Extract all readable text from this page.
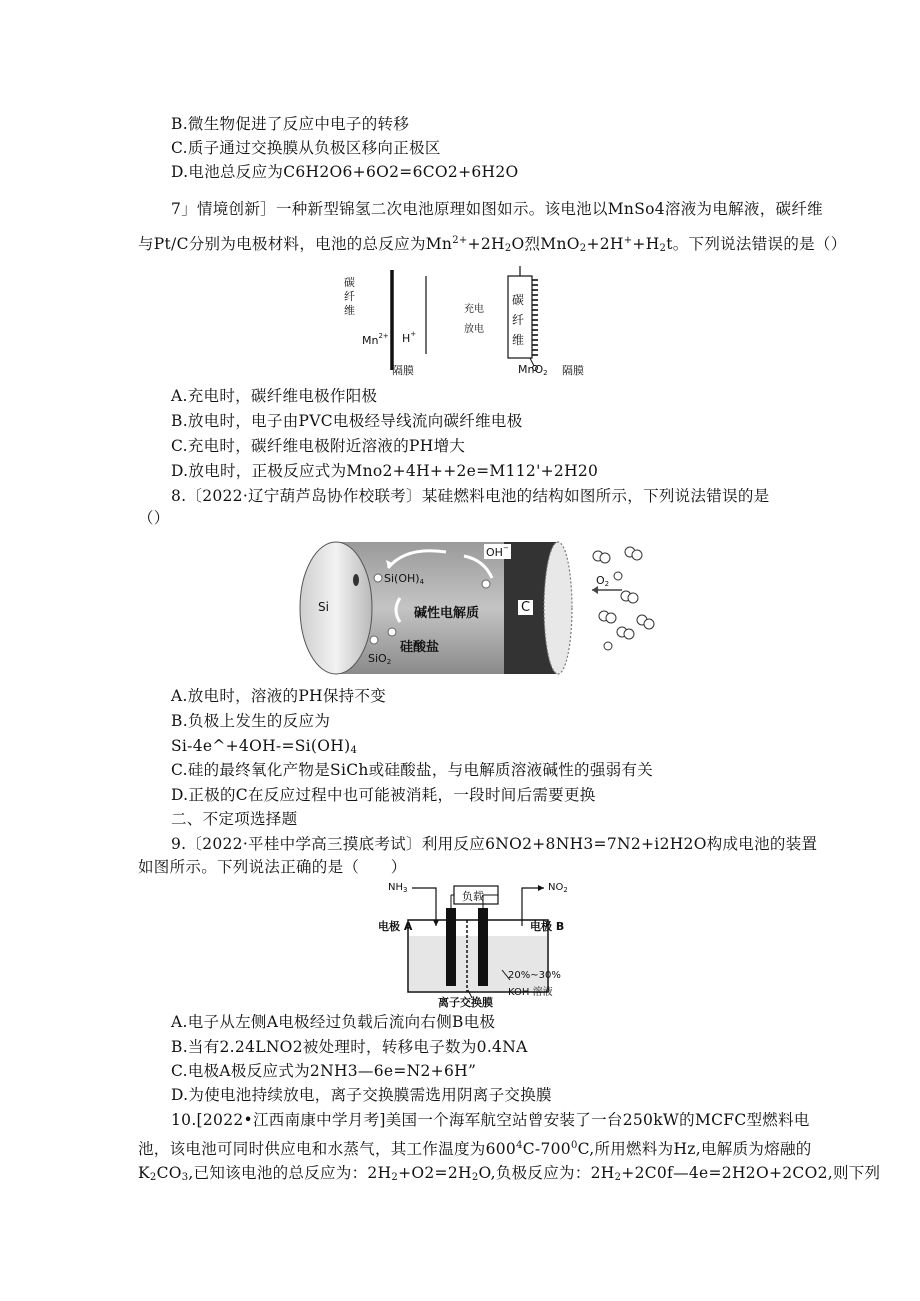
B.微生物促进了反应中电子的转移
C.质子通过交换膜从负极区移向正极区
D.电池总反应为C6H2O6+6O2=6CO2+6H2O
7」情境创新］一种新型锦氢二次电池原理如图如示。该电池以MnSo4溶液为电解液，碳纤维
与Pt/C分别为电极材料，电池的总反应为$Mn^{2+}+2H_2O$烈$MnO_2+2H^++H_2t$。下列说法错误的是（）
碳纤维
$Mn^{2+}$ H+
隔膜
充电
放电
碳纤维
MnO$_2$ 隔膜
A.充电时，碳纤维电极作阳极
B.放电时，电子由PVC电极经导线流向碳纤维电极
C.充电时，碳纤维电极附近溶液的PH增大
D.放电时，正极反应式为Mno2+4H++2e=M112'+2H20
8.〔2022·辽宁葫芦岛协作校联考〕某硅燃料电池的结构如图所示，下列说法错误的是
（）
Si
$Si(OH)_4$
OH−
碱性电解质
硅酸盐
SiO$_2$
C
$O_2$
A.放电时，溶液的PH保持不变
B.负极上发生的反应为
$Si-4e\^{}+4OH-=Si(OH)_4$
C.硅的最终氧化产物是SiCh或硅酸盐，与电解质溶液碱性的强弱有关
D.正极的C在反应过程中也可能被消耗，一段时间后需要更换
二、不定项选择题
9.〔2022·平桂中学高三摸底考试〕利用反应6NO2+8NH3=7N2+i2H2O构成电池的装置
如图所示。下列说法正确的是（　　）
$NH_3$	负载
$NO_2$
电极 A	电极 B
20%~30%
KOH 溶液
离子交换膜
A.电子从左侧A电极经过负载后流向右侧B电极
B.当有2.24LNO2被处理时，转移电子数为0.4NA
C.电极A极反应式为2NH3—6e=N2+6H”
D.为使电池持续放电，离子交换膜需选用阴离子交换膜
10.[2022•江西南康中学月考]美国一个海军航空站曾安装了一台250kW的MCFC型燃料电
池，该电池可同时供应电和水蒸气，其工作温度为$600^4C-700^0C$,所用燃料为Hz,电解质为熔融的
$K_2CO_3$,已知该电池的总反应为：$2H_2+O2=2H_2O$,负极反应为：$2H_2+2C0f—4e=2H2O+2CO2$,则下列
